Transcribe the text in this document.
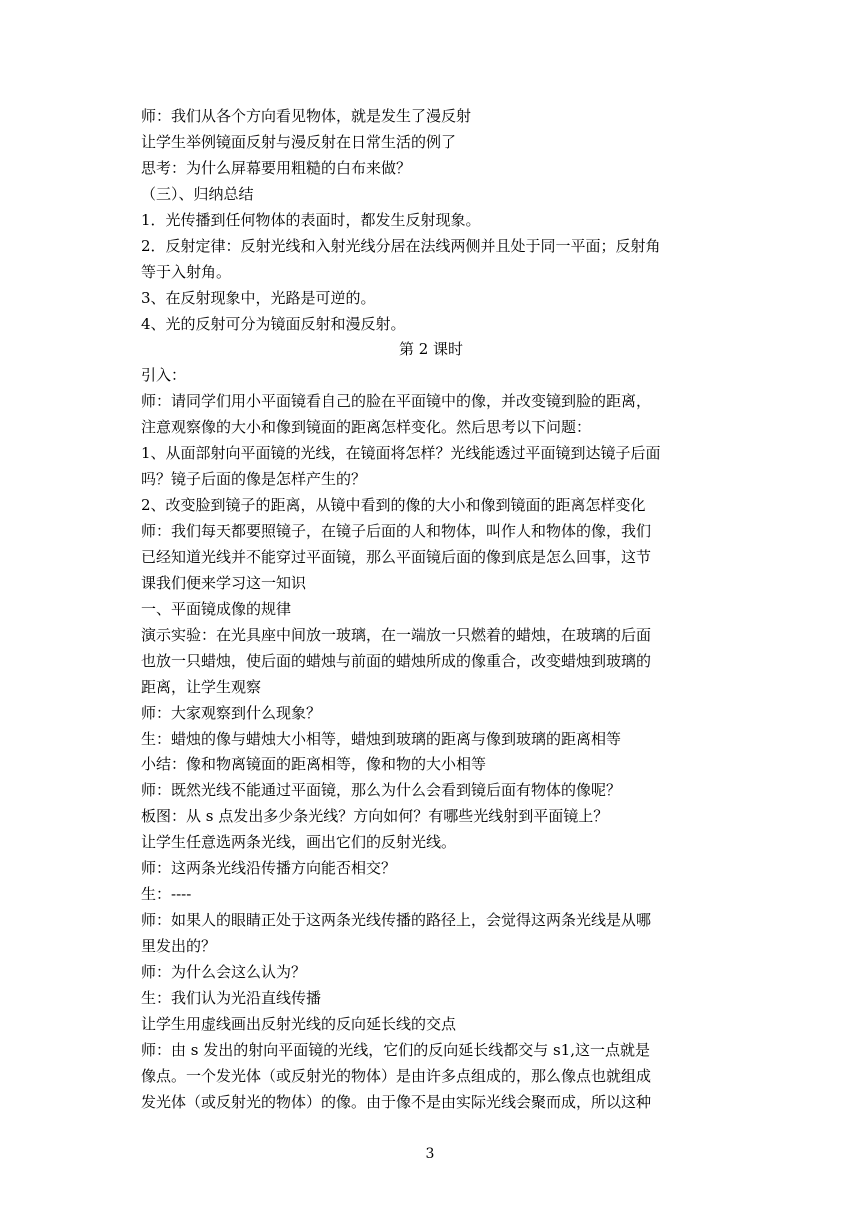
师：我们从各个方向看见物体，就是发生了漫反射
让学生举例镜面反射与漫反射在日常生活的例了
思考：为什么屏幕要用粗糙的白布来做？
（三）、归纳总结
1．光传播到任何物体的表面时，都发生反射现象。
2．反射定律：反射光线和入射光线分居在法线两侧并且处于同一平面；反射角
等于入射角。
3、在反射现象中，光路是可逆的。
4、光的反射可分为镜面反射和漫反射。
第 2 课时
引入：
师：请同学们用小平面镜看自己的脸在平面镜中的像，并改变镜到脸的距离，
注意观察像的大小和像到镜面的距离怎样变化。然后思考以下问题：
1、从面部射向平面镜的光线，在镜面将怎样？光线能透过平面镜到达镜子后面
吗？镜子后面的像是怎样产生的？
2、改变脸到镜子的距离，从镜中看到的像的大小和像到镜面的距离怎样变化
师：我们每天都要照镜子，在镜子后面的人和物体，叫作人和物体的像，我们
已经知道光线并不能穿过平面镜，那么平面镜后面的像到底是怎么回事，这节
课我们便来学习这一知识
一、平面镜成像的规律
演示实验：在光具座中间放一玻璃，在一端放一只燃着的蜡烛，在玻璃的后面
也放一只蜡烛，使后面的蜡烛与前面的蜡烛所成的像重合，改变蜡烛到玻璃的
距离，让学生观察
师：大家观察到什么现象？
生：蜡烛的像与蜡烛大小相等，蜡烛到玻璃的距离与像到玻璃的距离相等
小结：像和物离镜面的距离相等，像和物的大小相等
师：既然光线不能通过平面镜，那么为什么会看到镜后面有物体的像呢？
板图：从 s 点发出多少条光线？方向如何？有哪些光线射到平面镜上？
让学生任意选两条光线，画出它们的反射光线。
师：这两条光线沿传播方向能否相交？
生：----
师：如果人的眼睛正处于这两条光线传播的路径上，会觉得这两条光线是从哪
里发出的？
师：为什么会这么认为？
生：我们认为光沿直线传播
让学生用虚线画出反射光线的反向延长线的交点
师：由 s 发出的射向平面镜的光线，它们的反向延长线都交与 s1,这一点就是
像点。一个发光体（或反射光的物体）是由许多点组成的，那么像点也就组成
发光体（或反射光的物体）的像。由于像不是由实际光线会聚而成，所以这种
3
